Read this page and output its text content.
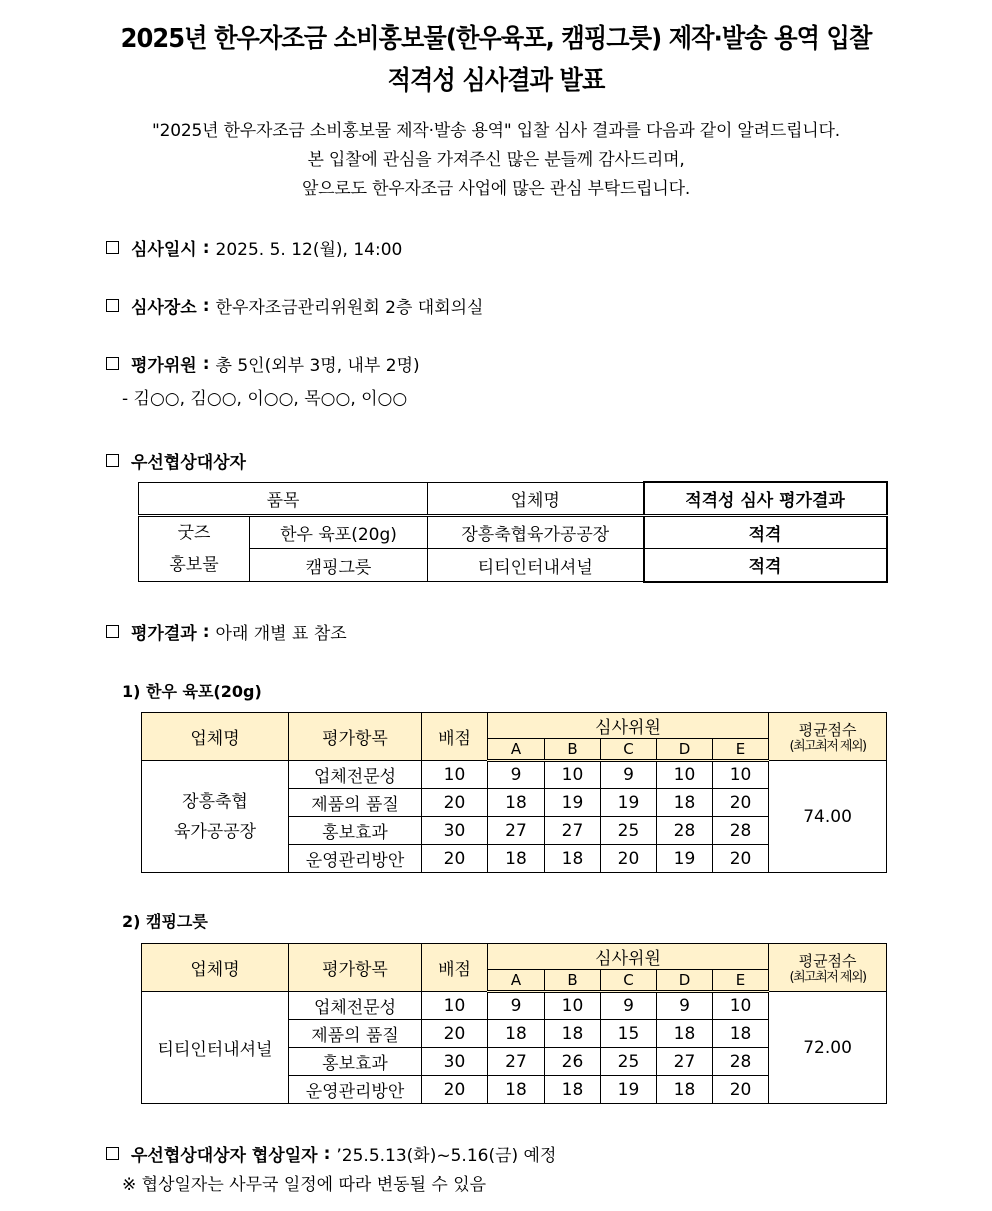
2025년 한우자조금 소비홍보물(한우육포, 캠핑그릇) 제작·발송 용역 입찰
적격성 심사결과 발표
"2025년 한우자조금 소비홍보물 제작·발송 용역" 입찰 심사 결과를 다음과 같이 알려드립니다.
본 입찰에 관심을 가져주신 많은 분들께 감사드리며,
앞으로도 한우자조금 사업에 많은 관심 부탁드립니다.
심사일시 : 2025. 5. 12(월), 14:00
심사장소 : 한우자조금관리위원회 2층 대회의실
평가위원 : 총 5인(외부 3명, 내부 2명)
- 김○○, 김○○, 이○○, 목○○, 이○○
우선협상대상자
품목		업체명	적격성 심사 평가결과

굿즈
홍보물	한우 육포(20g)	장흥축협육가공공장	적격
	캠핑그릇	티티인터내셔널	적격
평가결과 : 아래 개별 표 참조
1) 한우 육포(20g)
업체명	평가항목	배점	심사위원					평균점수
(최고최저 제외)

			A	B	C	D	E	

장흥축협
육가공공장	업체전문성	10	9	10	9	10	10	74.00
	제품의 품질	20	18	19	19	18	20	
	홍보효과	30	27	27	25	28	28	
	운영관리방안	20	18	18	20	19	20	
2) 캠핑그릇
업체명	평가항목	배점	심사위원					평균점수
(최고최저 제외)

			A	B	C	D	E	

티티인터내셔널	업체전문성	10	9	10	9	9	10	72.00
	제품의 품질	20	18	18	15	18	18	
	홍보효과	30	27	26	25	27	28	
	운영관리방안	20	18	18	19	18	20	
우선협상대상자 협상일자 : ’25.5.13(화)~5.16(금) 예정
※ 협상일자는 사무국 일정에 따라 변동될 수 있음
